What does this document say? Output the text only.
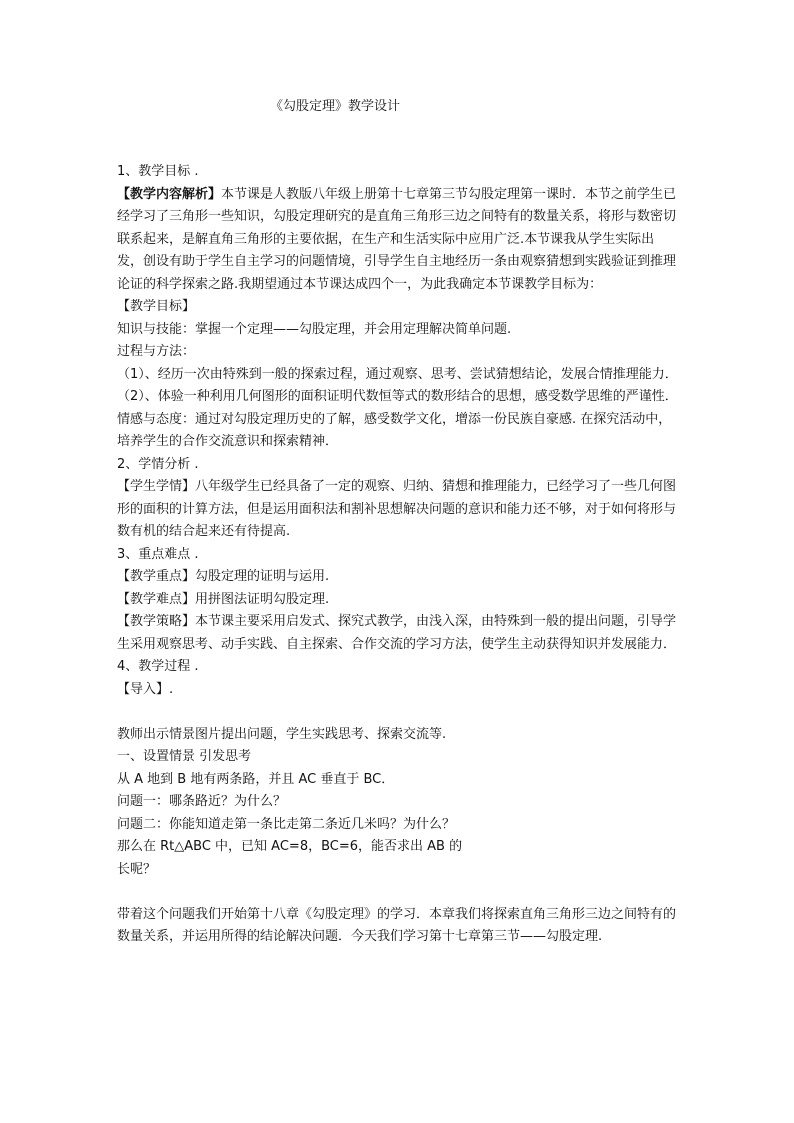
《勾股定理》教学设计

1、教学目标 .

【教学内容解析】本节课是人教版八年级上册第十七章第三节勾股定理第一课时．本节之前学生已经学习了三角形一些知识，勾股定理研究的是直角三角形三边之间特有的数量关系，将形与数密切联系起来，是解直角三角形的主要依据，在生产和生活实际中应用广泛.本节课我从学生实际出发，创设有助于学生自主学习的问题情境，引导学生自主地经历一条由观察猜想到实践验证到推理论证的科学探索之路.我期望通过本节课达成四个一，为此我确定本节课教学目标为：

【教学目标】

知识与技能：掌握一个定理——勾股定理，并会用定理解决简单问题.

过程与方法：

（1）、经历一次由特殊到一般的探索过程，通过观察、思考、尝试猜想结论，发展合情推理能力．

（2）、体验一种利用几何图形的面积证明代数恒等式的数形结合的思想，感受数学思维的严谨性．

情感与态度：通过对勾股定理历史的了解，感受数学文化，增添一份民族自豪感. 在探究活动中，培养学生的合作交流意识和探索精神．

2、学情分析 .

【学生学情】八年级学生已经具备了一定的观察、归纳、猜想和推理能力，已经学习了一些几何图形的面积的计算方法，但是运用面积法和割补思想解决问题的意识和能力还不够，对于如何将形与数有机的结合起来还有待提高.

3、重点难点 .

【教学重点】勾股定理的证明与运用.

【教学难点】用拼图法证明勾股定理.

【教学策略】本节课主要采用启发式、探究式教学，由浅入深，由特殊到一般的提出问题，引导学生采用观察思考、动手实践、自主探索、合作交流的学习方法，使学生主动获得知识并发展能力．

4、教学过程 .

【导入】.

教师出示情景图片提出问题，学生实践思考、探索交流等.

一、设置情景 引发思考

从 A 地到 B 地有两条路，并且 AC 垂直于 BC．

问题一：哪条路近？为什么？

问题二：你能知道走第一条比走第二条近几米吗？为什么？

那么在 Rt△ABC 中，已知 AC=8，BC=6，能否求出 AB 的

长呢？

带着这个问题我们开始第十八章《勾股定理》的学习．本章我们将探索直角三角形三边之间特有的数量关系，并运用所得的结论解决问题．今天我们学习第十七章第三节——勾股定理.
